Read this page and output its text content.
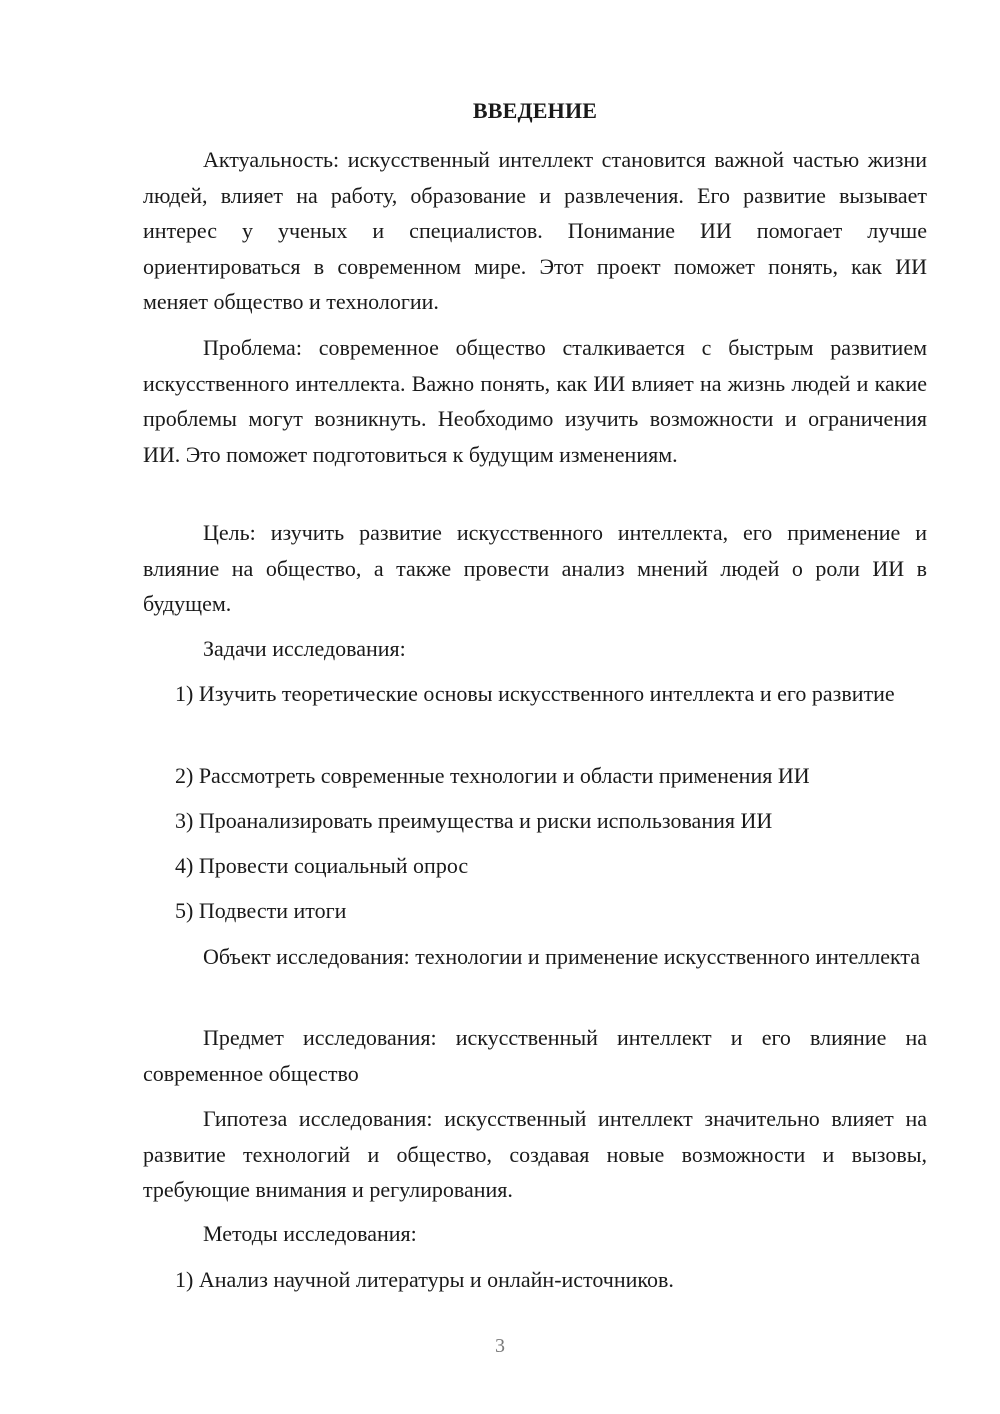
ВВЕДЕНИЕ

Актуальность: искусственный интеллект становится важной частью жизни людей, влияет на работу, образование и развлечения. Его развитие вызывает интерес у ученых и специалистов. Понимание ИИ помогает лучше ориентироваться в современном мире. Этот проект поможет понять, как ИИ меняет общество и технологии.

Проблема: современное общество сталкивается с быстрым развитием искусственного интеллекта. Важно понять, как ИИ влияет на жизнь людей и какие проблемы могут возникнуть. Необходимо изучить возможности и ограничения ИИ. Это поможет подготовиться к будущим изменениям.

Цель: изучить развитие искусственного интеллекта, его применение и влияние на общество, а также провести анализ мнений людей о роли ИИ в будущем.

Задачи исследования:

1) Изучить теоретические основы искусственного интеллекта и его развитие

2) Рассмотреть современные технологии и области применения ИИ

3) Проанализировать преимущества и риски использования ИИ

4) Провести социальный опрос

5) Подвести итоги

Объект исследования: технологии и применение искусственного интеллекта

Предмет исследования: искусственный интеллект и его влияние на современное общество

Гипотеза исследования: искусственный интеллект значительно влияет на развитие технологий и общество, создавая новые возможности и вызовы, требующие внимания и регулирования.

Методы исследования:

1) Анализ научной литературы и онлайн-источников.

3
